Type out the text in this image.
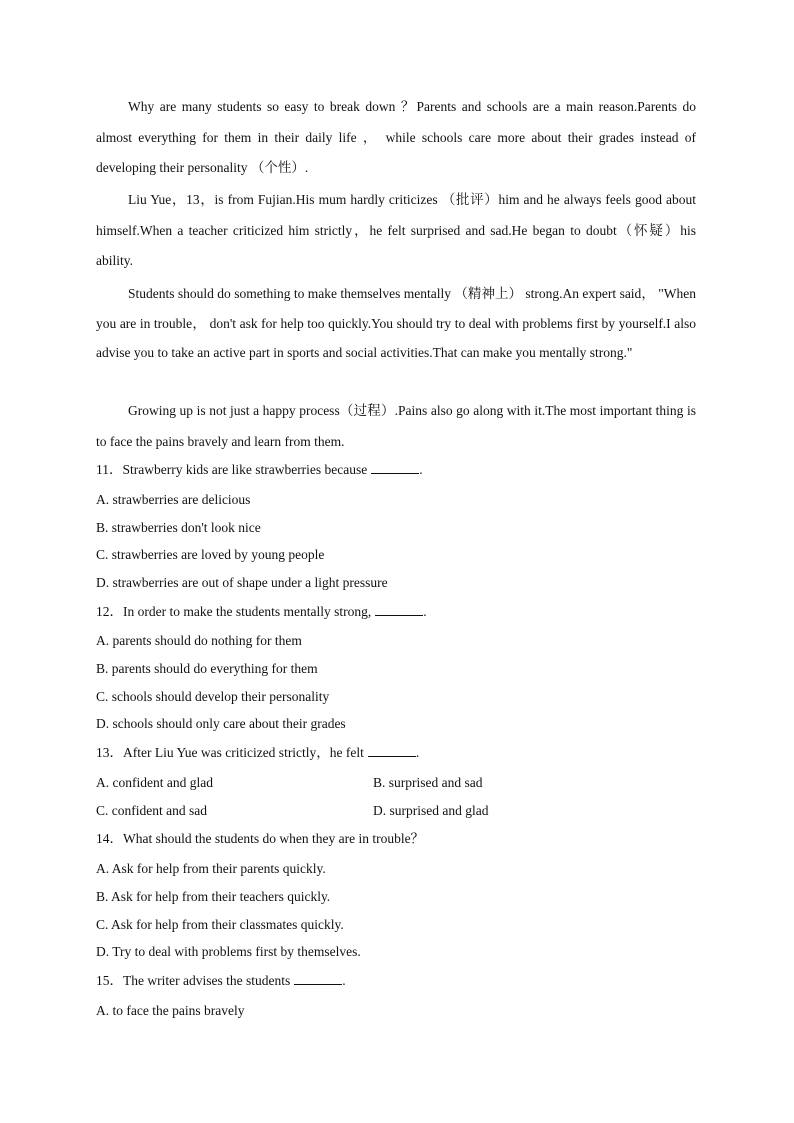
Why are many students so easy to break down ？Parents and schools are a main reason.Parents do almost everything for them in their daily life ， while schools care more about their grades instead of developing their personality （个性）.

Liu Yue，13，is from Fujian.His mum hardly criticizes （批评）him and he always feels good about himself.When a teacher criticized him strictly，he felt surprised and sad.He began to doubt（怀疑）his ability.

Students should do something to make themselves mentally （精神上） strong.An expert said， "When you are in trouble， don't ask for help too quickly.You should try to deal with problems first by yourself.I also advise you to take an active part in sports and social activities.That can make you mentally strong."

Growing up is not just a happy process（过程）.Pains also go along with it.The most important thing is to face the pains bravely and learn from them.

11．Strawberry kids are like strawberries because	.

A. strawberries are delicious

B. strawberries don't look nice

C. strawberries are loved by young people

D. strawberries are out of shape under a light pressure

12．In order to make the students mentally strong,	.

A. parents should do nothing for them

B. parents should do everything for them

C. schools should develop their personality

D. schools should only care about their grades

13．After Liu Yue was criticized strictly，he felt	.

A. confident and glad	B. surprised and sad

C. confident and sad	D. surprised and glad

14．What should the students do when they are in trouble？

A. Ask for help from their parents quickly.

B. Ask for help from their teachers quickly.

C. Ask for help from their classmates quickly.

D. Try to deal with problems first by themselves.

15．The writer advises the students	.

A. to face the pains bravely
